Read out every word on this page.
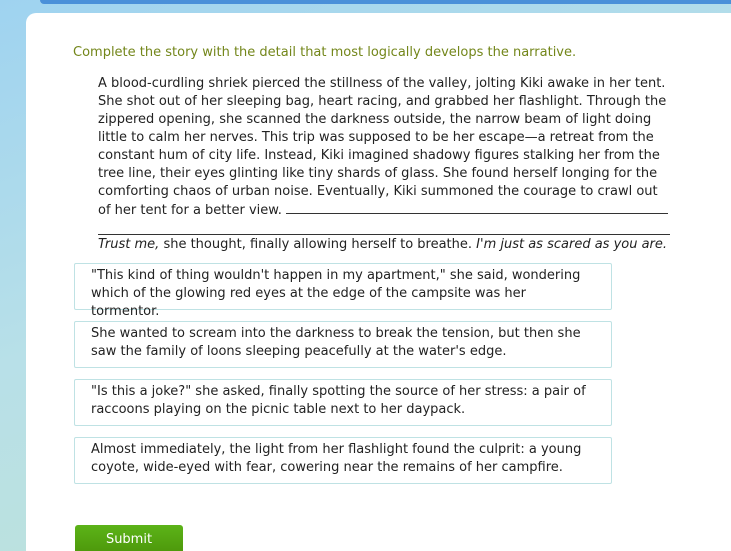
Complete the story with the detail that most logically develops the narrative.
A blood-curdling shriek pierced the stillness of the valley, jolting Kiki awake in her tent. She shot out of her sleeping bag, heart racing, and grabbed her flashlight. Through the zippered opening, she scanned the darkness outside, the narrow beam of light doing little to calm her nerves. This trip was supposed to be her escape—a retreat from the constant hum of city life. Instead, Kiki imagined shadowy figures stalking her from the tree line, their eyes glinting like tiny shards of glass. She found herself longing for the comforting chaos of urban noise. Eventually, Kiki summoned the courage to crawl out of her tent for a better view.
Trust me, she thought, finally allowing herself to breathe. I'm just as scared as you are.
"This kind of thing wouldn't happen in my apartment," she said, wondering which of the glowing red eyes at the edge of the campsite was her tormentor.
She wanted to scream into the darkness to break the tension, but then she saw the family of loons sleeping peacefully at the water's edge.
"Is this a joke?" she asked, finally spotting the source of her stress: a pair of raccoons playing on the picnic table next to her daypack.
Almost immediately, the light from her flashlight found the culprit: a young coyote, wide-eyed with fear, cowering near the remains of her campfire.
Submit
